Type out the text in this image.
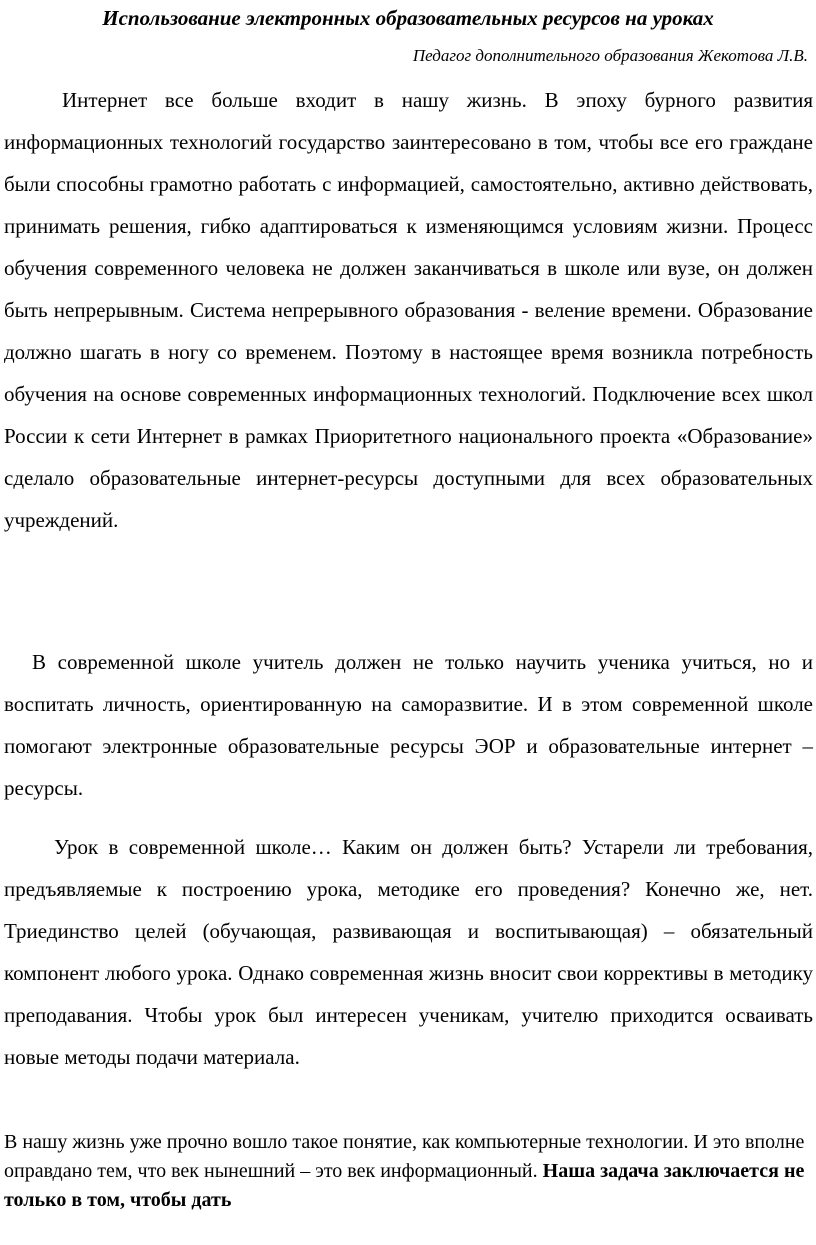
Использование электронных образовательных ресурсов на уроках

Педагог дополнительного образования Жекотова Л.В.

Интернет все больше входит в нашу жизнь. В эпоху бурного развития информационных технологий государство заинтересовано в том, чтобы все его граждане были способны грамотно работать с информацией, самостоятельно, активно действовать, принимать решения, гибко адаптироваться к изменяющимся условиям жизни. Процесс обучения современного человека не должен заканчиваться в школе или вузе, он должен быть непрерывным. Система непрерывного образования - веление времени. Образование должно шагать в ногу со временем. Поэтому в настоящее время возникла потребность обучения на основе современных информационных технологий. Подключение всех школ России к сети Интернет в рамках Приоритетного национального проекта «Образование» сделало образовательные интернет-ресурсы доступными для всех образовательных учреждений.

В современной школе учитель должен не только научить ученика учиться, но и воспитать личность, ориентированную на саморазвитие. И в этом современной школе помогают электронные образовательные ресурсы ЭОР и образовательные интернет – ресурсы.

Урок в современной школе… Каким он должен быть? Устарели ли требования, предъявляемые к построению урока, методике его проведения? Конечно же, нет. Триединство целей (обучающая, развивающая и воспитывающая) – обязательный компонент любого урока. Однако современная жизнь вносит свои коррективы в методику преподавания. Чтобы урок был интересен ученикам, учителю приходится осваивать новые методы подачи материала.

В нашу жизнь уже прочно вошло такое понятие, как компьютерные технологии. И это вполне оправдано тем, что век нынешний – это век информационный. Наша задача заключается не только в том, чтобы дать
